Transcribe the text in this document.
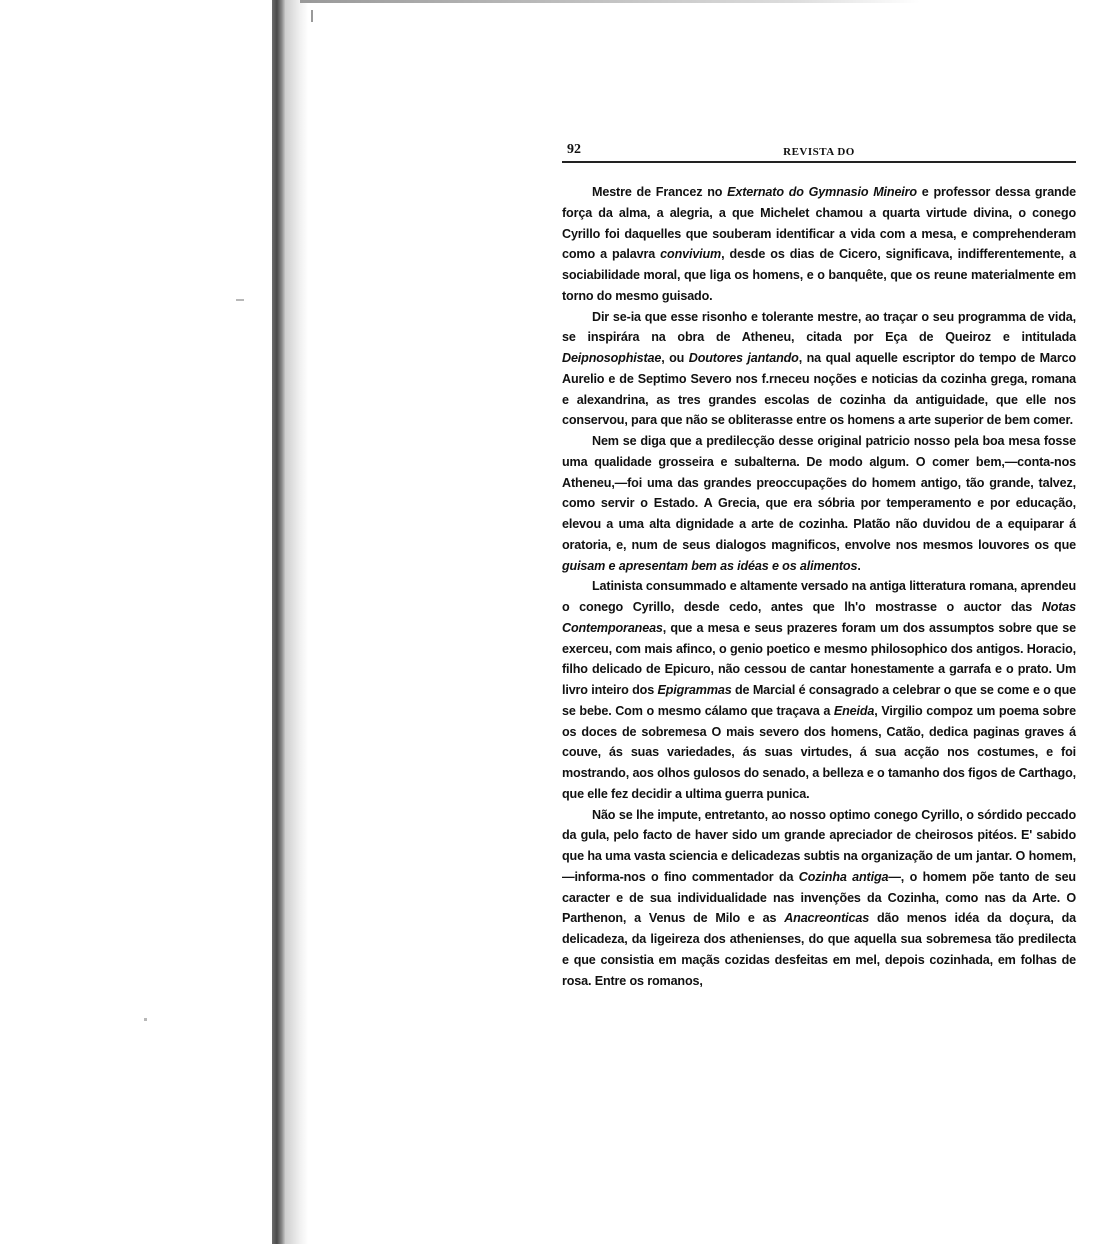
92	REVISTA DO

Mestre de Francez no Externato do Gymnasio Mineiro e professor dessa grande força da alma, a alegria, a que Michelet chamou a quarta virtude divina, o conego Cyrillo foi daquelles que souberam identificar a vida com a mesa, e comprehenderam como a palavra convivium, desde os dias de Cicero, significava, indifferentemente, a sociabilidade moral, que liga os homens, e o banquête, que os reune materialmente em torno do mesmo guisado.

Dir se-ia que esse risonho e tolerante mestre, ao traçar o seu programma de vida, se inspirára na obra de Atheneu, citada por Eça de Queiroz e intitulada Deipnosophistae, ou Doutores jantando, na qual aquelle escriptor do tempo de Marco Aurelio e de Septimo Severo nos f.rneceu noções e noticias da cozinha grega, romana e alexandrina, as tres grandes escolas de cozinha da antiguidade, que elle nos conservou, para que não se obliterasse entre os homens a arte superior de bem comer.

Nem se diga que a predilecção desse original patricio nosso pela boa mesa fosse uma qualidade grosseira e subalterna. De modo algum. O comer bem,—conta-nos Atheneu,—foi uma das grandes preoccupações do homem antigo, tão grande, talvez, como servir o Estado. A Grecia, que era sóbria por temperamento e por educação, elevou a uma alta dignidade a arte de cozinha. Platão não duvidou de a equiparar á oratoria, e, num de seus dialogos magnificos, envolve nos mesmos louvores os que guisam e apresentam bem as idéas e os alimentos.

Latinista consummado e altamente versado na antiga litteratura romana, aprendeu o conego Cyrillo, desde cedo, antes que lh'o mostrasse o auctor das Notas Contemporaneas, que a mesa e seus prazeres foram um dos assumptos sobre que se exerceu, com mais afinco, o genio poetico e mesmo philosophico dos antigos. Horacio, filho delicado de Epicuro, não cessou de cantar honestamente a garrafa e o prato. Um livro inteiro dos Epigrammas de Marcial é consagrado a celebrar o que se come e o que se bebe. Com o mesmo cálamo que traçava a Eneida, Virgilio compoz um poema sobre os doces de sobremesa O mais severo dos homens, Catão, dedica paginas graves á couve, ás suas variedades, ás suas virtudes, á sua acção nos costumes, e foi mostrando, aos olhos gulosos do senado, a belleza e o tamanho dos figos de Carthago, que elle fez decidir a ultima guerra punica.

Não se lhe impute, entretanto, ao nosso optimo conego Cyrillo, o sórdido peccado da gula, pelo facto de haver sido um grande apreciador de cheirosos pitéos. E' sabido que ha uma vasta sciencia e delicadezas subtis na organização de um jantar. O homem, —informa-nos o fino commentador da Cozinha antiga—, o homem põe tanto de seu caracter e de sua individualidade nas invenções da Cozinha, como nas da Arte. O Parthenon, a Venus de Milo e as Anacreonticas dão menos idéa da doçura, da delicadeza, da ligeireza dos athenienses, do que aquella sua sobremesa tão predilecta e que consistia em maçãs cozidas desfeitas em mel, depois cozinhada, em folhas de rosa. Entre os romanos,
